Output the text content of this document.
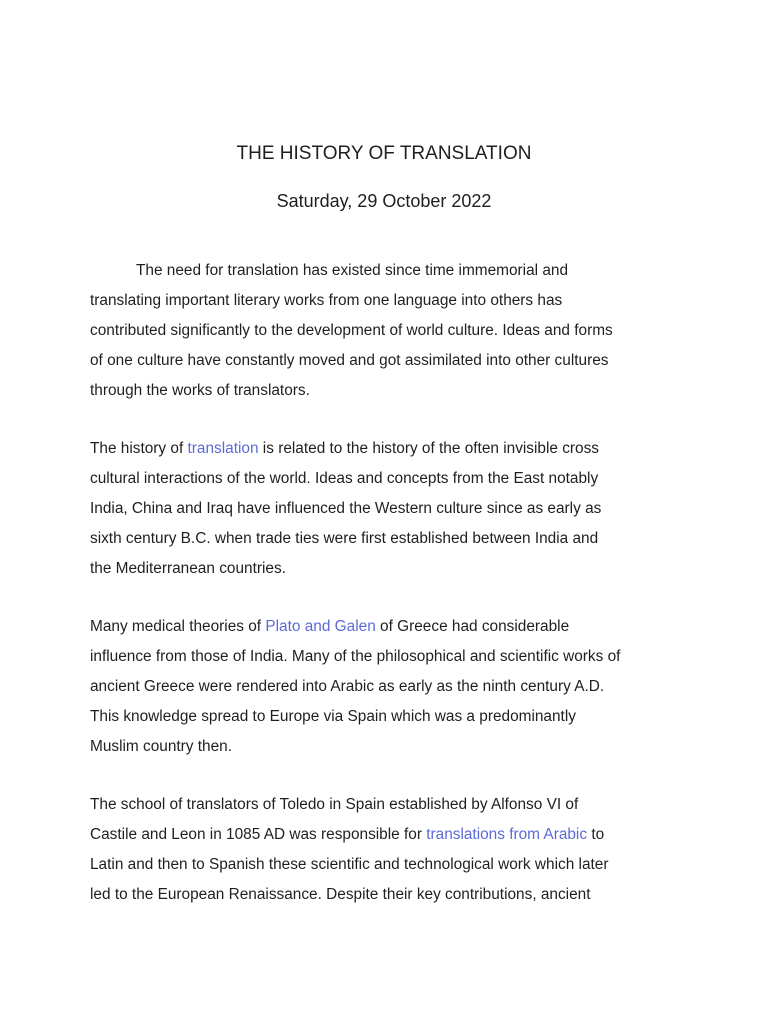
THE HISTORY OF TRANSLATION
Saturday, 29 October 2022

The need for translation has existed since time immemorial and
translating important literary works from one language into others has
contributed significantly to the development of world culture. Ideas and forms
of one culture have constantly moved and got assimilated into other cultures
through the works of translators.

The history of translation is related to the history of the often invisible cross
cultural interactions of the world. Ideas and concepts from the East notably
India, China and Iraq have influenced the Western culture since as early as
sixth century B.C. when trade ties were first established between India and
the Mediterranean countries.

Many medical theories of Plato and Galen of Greece had considerable
influence from those of India. Many of the philosophical and scientific works of
ancient Greece were rendered into Arabic as early as the ninth century A.D.
This knowledge spread to Europe via Spain which was a predominantly
Muslim country then.

The school of translators of Toledo in Spain established by Alfonso VI of
Castile and Leon in 1085 AD was responsible for translations from Arabic to
Latin and then to Spanish these scientific and technological work which later
led to the European Renaissance. Despite their key contributions, ancient
